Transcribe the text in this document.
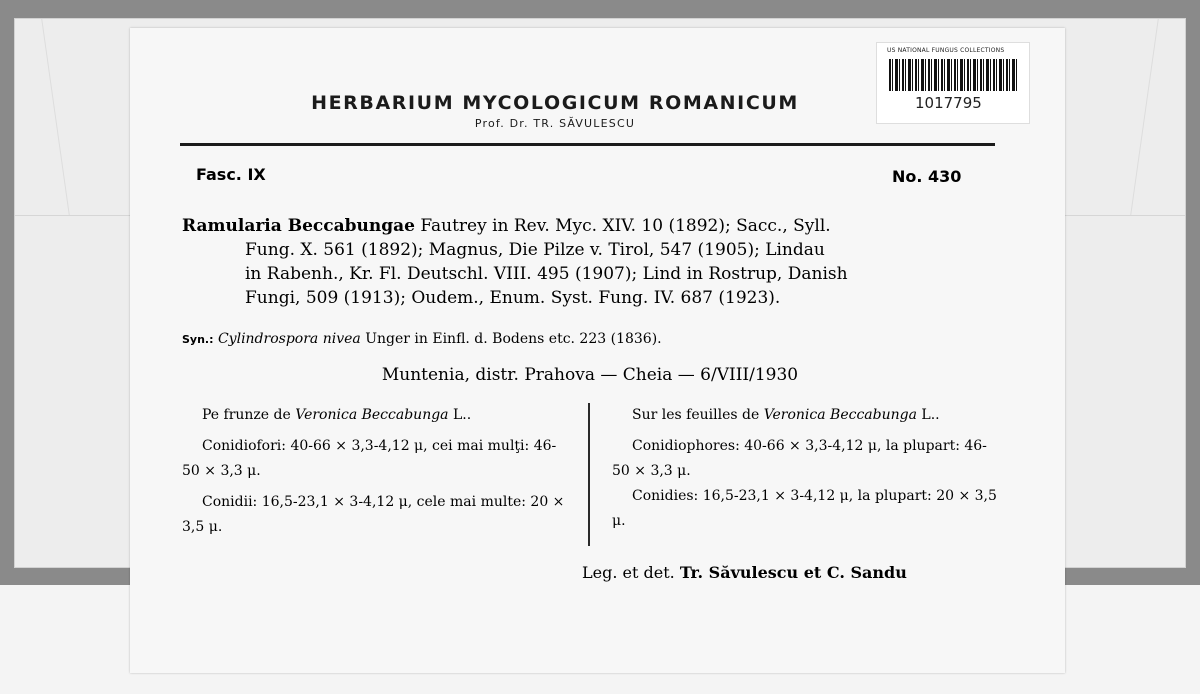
US NATIONAL FUNGUS COLLECTIONS
1017795
HERBARIUM MYCOLOGICUM ROMANICUM
Prof. Dr. TR. SĂVULESCU
Fasc. IX	No. 430
Ramularia Beccabungae Fautrey in Rev. Myc. XIV. 10 (1892); Sacc., Syll.
Fung. X. 561 (1892); Magnus, Die Pilze v. Tirol, 547 (1905); Lindau
in Rabenh., Kr. Fl. Deutschl. VIII. 495 (1907); Lind in Rostrup, Danish
Fungi, 509 (1913); Oudem., Enum. Syst. Fung. IV. 687 (1923).
Syn.: Cylindrospora nivea Unger in Einfl. d. Bodens etc. 223 (1836).
Muntenia, distr. Prahova — Cheia — 6/VIII/1930

Pe frunze de Veronica Beccabunga L..

Conidiofori: 40-66 × 3,3-4,12 μ, cei mai mulţi: 46-50 × 3,3 μ.

Conidii: 16,5-23,1 × 3-4,12 μ, cele mai multe: 20 × 3,5 μ.

Sur les feuilles de Veronica Beccabunga L..

Conidiophores: 40-66 × 3,3-4,12 μ, la plupart: 46-50 × 3,3 μ.

Conidies: 16,5-23,1 × 3-4,12 μ, la plupart: 20 × 3,5 μ.

Leg. et det. Tr. Săvulescu et C. Sandu
